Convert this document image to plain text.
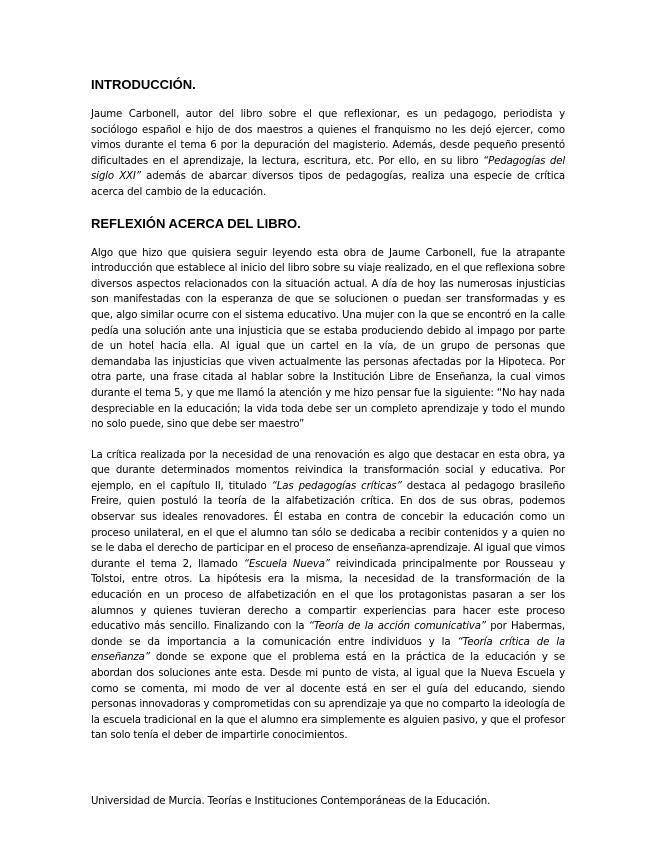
INTRODUCCIÓN.

Jaume Carbonell, autor del libro sobre el que reflexionar, es un pedagogo, periodista y sociólogo español e hijo de dos maestros a quienes el franquismo no les dejó ejercer, como vimos durante el tema 6 por la depuración del magisterio. Además, desde pequeño presentó dificultades en el aprendizaje, la lectura, escritura, etc. Por ello, en su libro “Pedagogías del siglo XXI” además de abarcar diversos tipos de pedagogías, realiza una especie de crítica acerca del cambio de la educación.

REFLEXIÓN ACERCA DEL LIBRO.

Algo que hizo que quisiera seguir leyendo esta obra de Jaume Carbonell, fue la atrapante introducción que establece al inicio del libro sobre su viaje realizado, en el que reflexiona sobre diversos aspectos relacionados con la situación actual. A día de hoy las numerosas injusticias son manifestadas con la esperanza de que se solucionen o puedan ser transformadas y es que, algo similar ocurre con el sistema educativo. Una mujer con la que se encontró en la calle pedía una solución ante una injusticia que se estaba produciendo debido al impago por parte de un hotel hacia ella. Al igual que un cartel en la vía, de un grupo de personas que demandaba las injusticias que viven actualmente las personas afectadas por la Hipoteca. Por otra parte, una frase citada al hablar sobre la Institución Libre de Enseñanza, la cual vimos durante el tema 5, y que me llamó la atención y me hizo pensar fue la siguiente: “No hay nada despreciable en la educación; la vida toda debe ser un completo aprendizaje y todo el mundo no solo puede, sino que debe ser maestro”

La crítica realizada por la necesidad de una renovación es algo que destacar en esta obra, ya que durante determinados momentos reivindica la transformación social y educativa. Por ejemplo, en el capítulo II, titulado “Las pedagogías críticas” destaca al pedagogo brasileño Freire, quien postuló la teoría de la alfabetización crítica. En dos de sus obras, podemos observar sus ideales renovadores. Él estaba en contra de concebir la educación como un proceso unilateral, en el que el alumno tan sólo se dedicaba a recibir contenidos y a quien no se le daba el derecho de participar en el proceso de enseñanza-aprendizaje. Al igual que vimos durante el tema 2, llamado “Escuela Nueva” reivindicada principalmente por Rousseau y Tolstoi, entre otros. La hipótesis era la misma, la necesidad de la transformación de la educación en un proceso de alfabetización en el que los protagonistas pasaran a ser los alumnos y quienes tuvieran derecho a compartir experiencias para hacer este proceso educativo más sencillo. Finalizando con la “Teoría de la acción comunicativa” por Habermas, donde se da importancia a la comunicación entre individuos y la “Teoría crítica de la enseñanza” donde se expone que el problema está en la práctica de la educación y se abordan dos soluciones ante esta. Desde mi punto de vista, al igual que la Nueva Escuela y como se comenta, mi modo de ver al docente está en ser el guía del educando, siendo personas innovadoras y comprometidas con su aprendizaje ya que no comparto la ideología de la escuela tradicional en la que el alumno era simplemente es alguien pasivo, y que el profesor tan solo tenía el deber de impartirle conocimientos.

Universidad de Murcia. Teorías e Instituciones Contemporáneas de la Educación.
